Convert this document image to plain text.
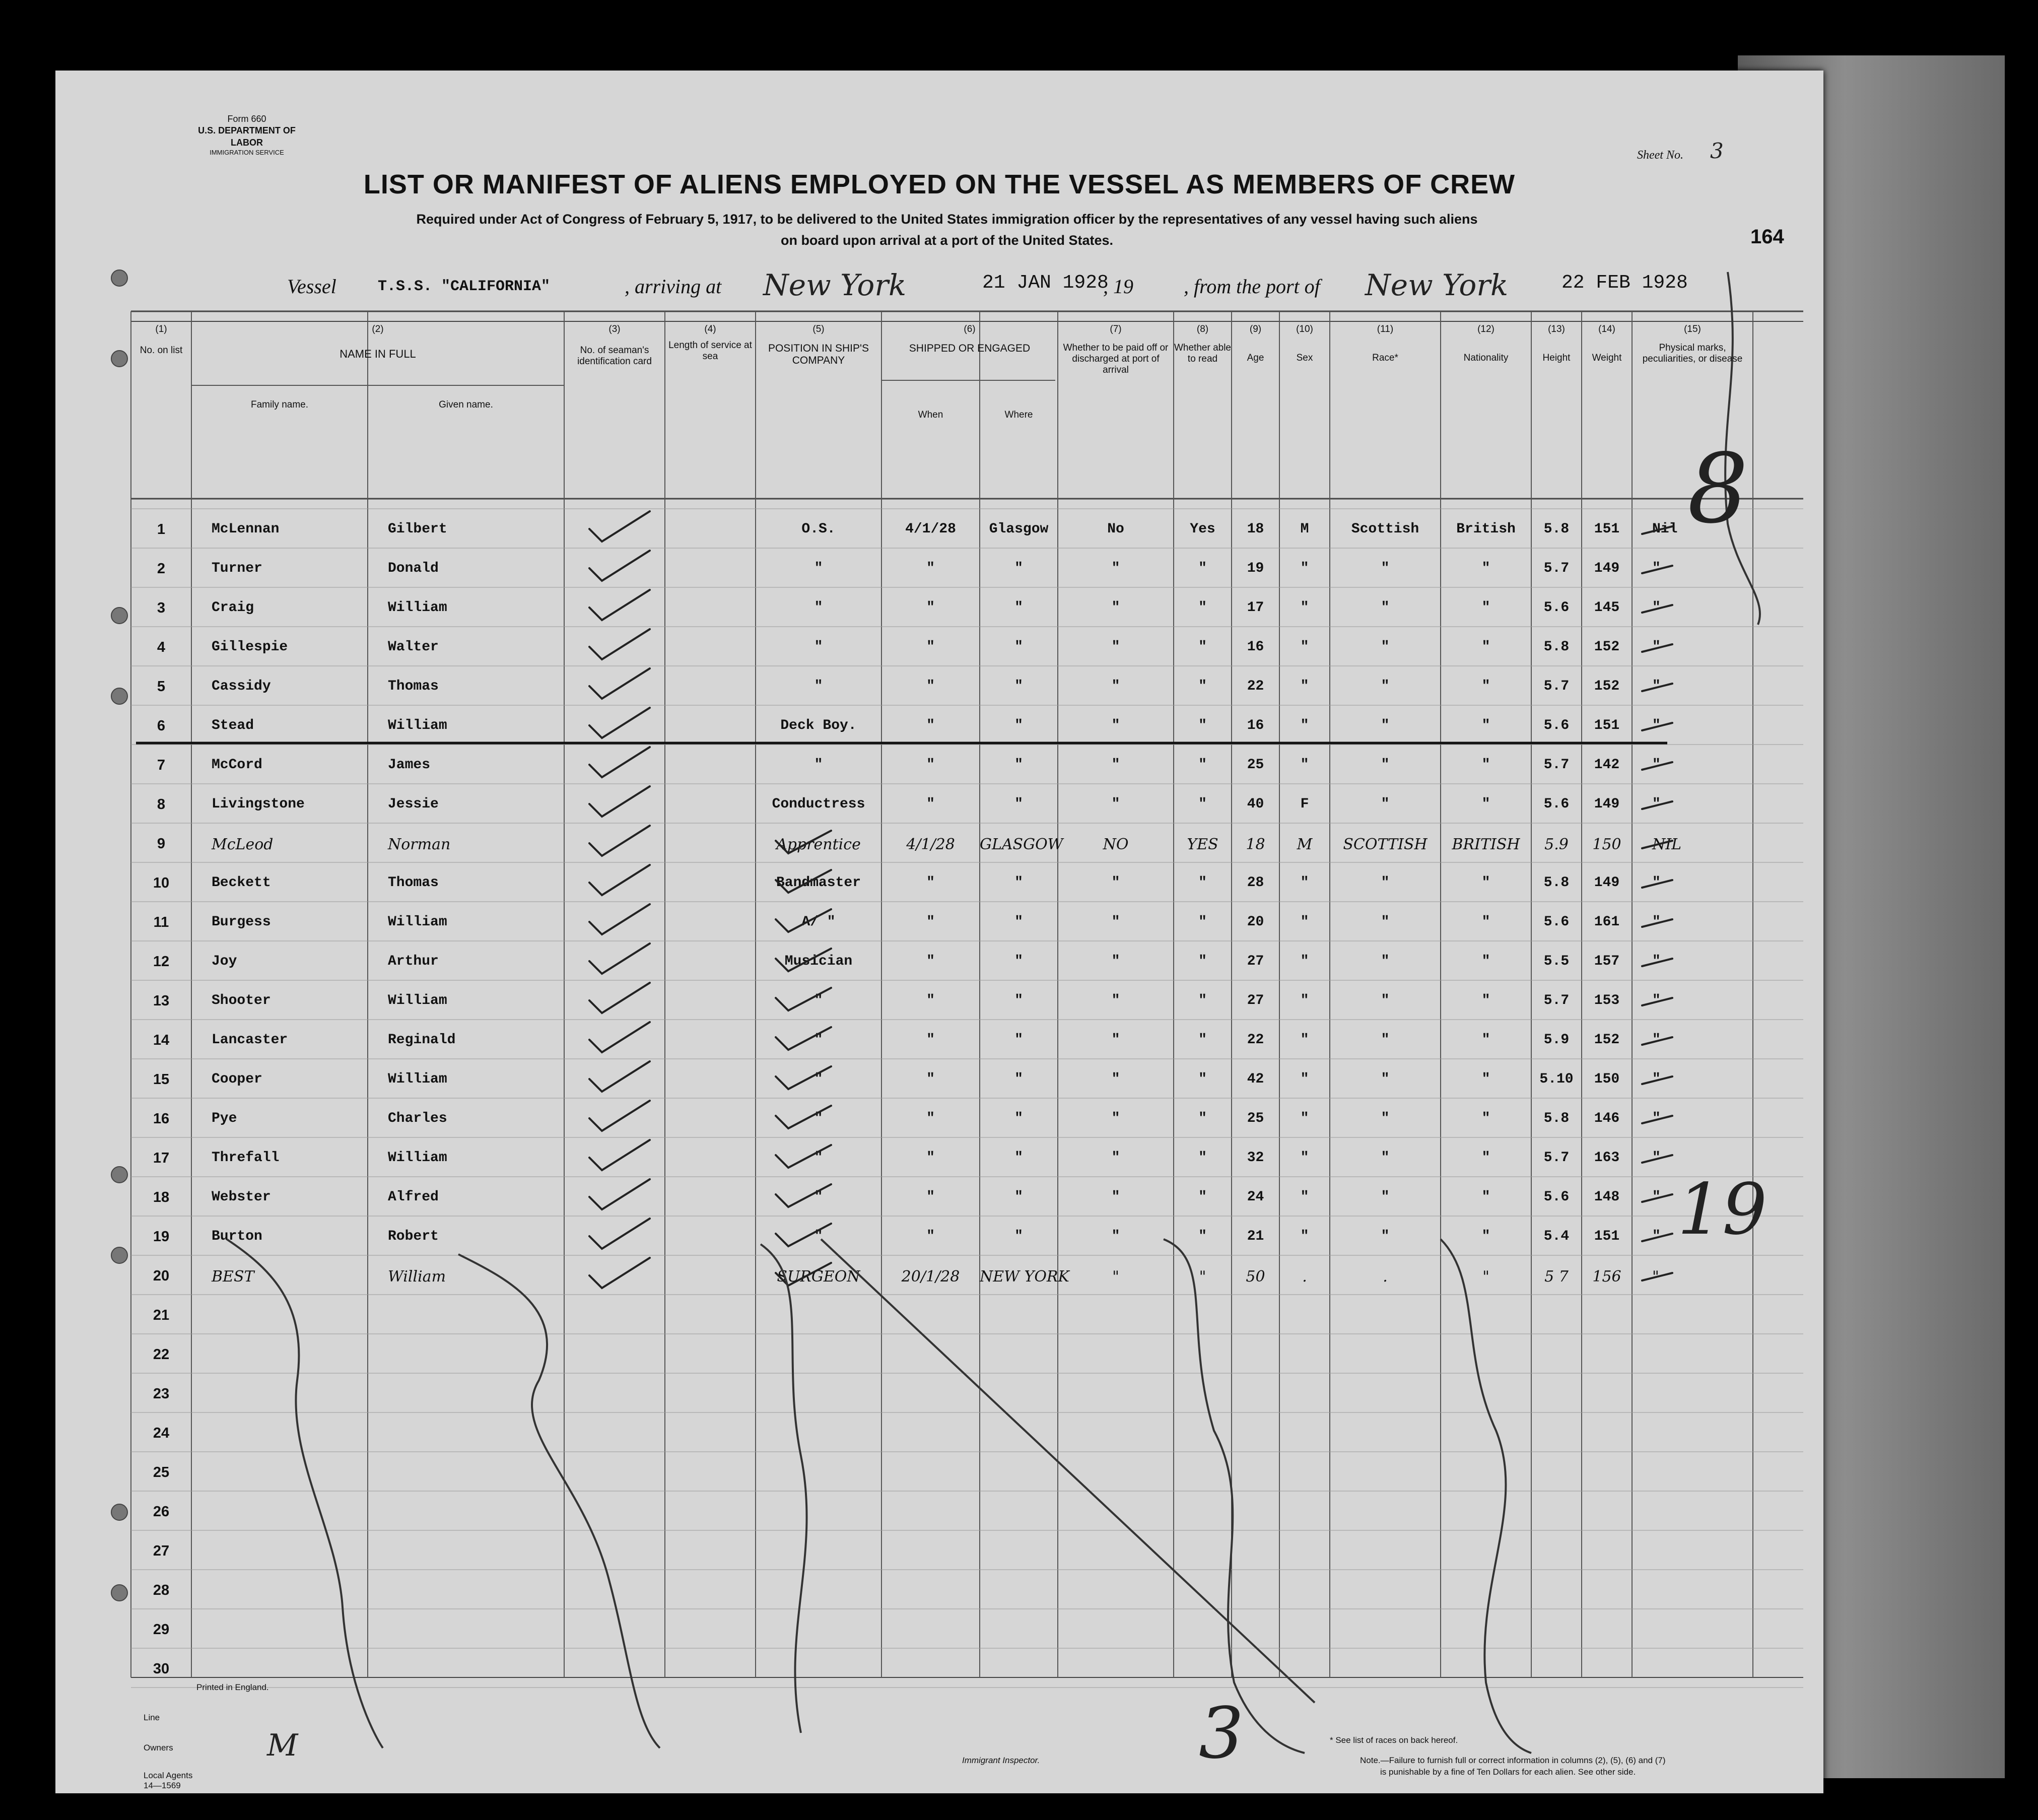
Form 660
U.S. DEPARTMENT OF LABOR
IMMIGRATION SERVICE	Sheet No. 3
164
LIST OR MANIFEST OF ALIENS EMPLOYED ON THE VESSEL AS MEMBERS OF CREW
Required under Act of Congress of February 5, 1917, to be delivered to the United States immigration officer by the representatives of any vessel having such aliens
on board upon arrival at a port of the United States.
Vessel	T.S.S. "CALIFORNIA"	, arriving at New York	21 JAN 1928
, 19	, from the port of New York	22 FEB 1928
(1)
No. on list
(2)
NAME IN FULL
Family name.	Given name.
(3)
No. of seaman's identification card
(4)
Length of service at sea
(5)
POSITION IN SHIP'S COMPANY
(6)
SHIPPED OR ENGAGED
When	Where
(7)
Whether to be paid off or discharged at port of arrival
(8)
Whether able to read
(9)
Age
(10)
Sex
(11)
Race*
(12)
Nationality
(13)
Height
(14)
Weight
(15)
Physical marks, peculiarities, or disease
1	McLennan	Gilbert	O.S.	4/1/28	Glasgow	No	Yes	18	M	Scottish	British	5.8	151	Nil
2	Turner	Donald	"	"	"	"	"	19	"	"	"	5.7	149	"
3	Craig	William	"	"	"	"	"	17	"	"	"	5.6	145	"
4	Gillespie	Walter	"	"	"	"	"	16	"	"	"	5.8	152	"
5	Cassidy	Thomas	"	"	"	"	"	22	"	"	"	5.7	152	"
6	Stead	William	Deck Boy.	"	"	"	"	16	"	"	"	5.6	151	"
7	McCord	James	"	"	"	"	"	25	"	"	"	5.7	142	"
8	Livingstone	Jessie	Conductress	"	"	"	"	40	F	"	"	5.6	149	"
9	McLeod	Norman	Apprentice	4/1/28	GLASGOW	NO	YES	18	M	SCOTTISH	BRITISH	5.9	150	NIL
10	Beckett	Thomas	Bandmaster	"	"	"	"	28	"	"	"	5.8	149	"
11	Burgess	William	A/ "	"	"	"	"	20	"	"	"	5.6	161	"
12	Joy	Arthur	Musician	"	"	"	"	27	"	"	"	5.5	157	"
13	Shooter	William	"	"	"	"	"	27	"	"	"	5.7	153	"
14	Lancaster	Reginald	"	"	"	"	"	22	"	"	"	5.9	152	"
15	Cooper	William	"	"	"	"	"	42	"	"	"	5.10	150	"
16	Pye	Charles	"	"	"	"	"	25	"	"	"	5.8	146	"
17	Threfall	William	"	"	"	"	"	32	"	"	"	5.7	163	"
18	Webster	Alfred	"	"	"	"	"	24	"	"	"	5.6	148	"
19	Burton	Robert	"	"	"	"	"	21	"	"	"	5.4	151	"
20	BEST	William	SURGEON	20/1/28	NEW YORK	"	"	50	.	.	"	5 7	156	"
21
22
23
24
25
26
27
28
29
30
8
19
3
Printed in England.
Line
Owners	M
Local Agents
14—1569
Immigrant Inspector.
* See list of races on back hereof.
Note.—Failure to furnish full or correct information in columns (2), (5), (6) and (7)
is punishable by a fine of Ten Dollars for each alien. See other side.
